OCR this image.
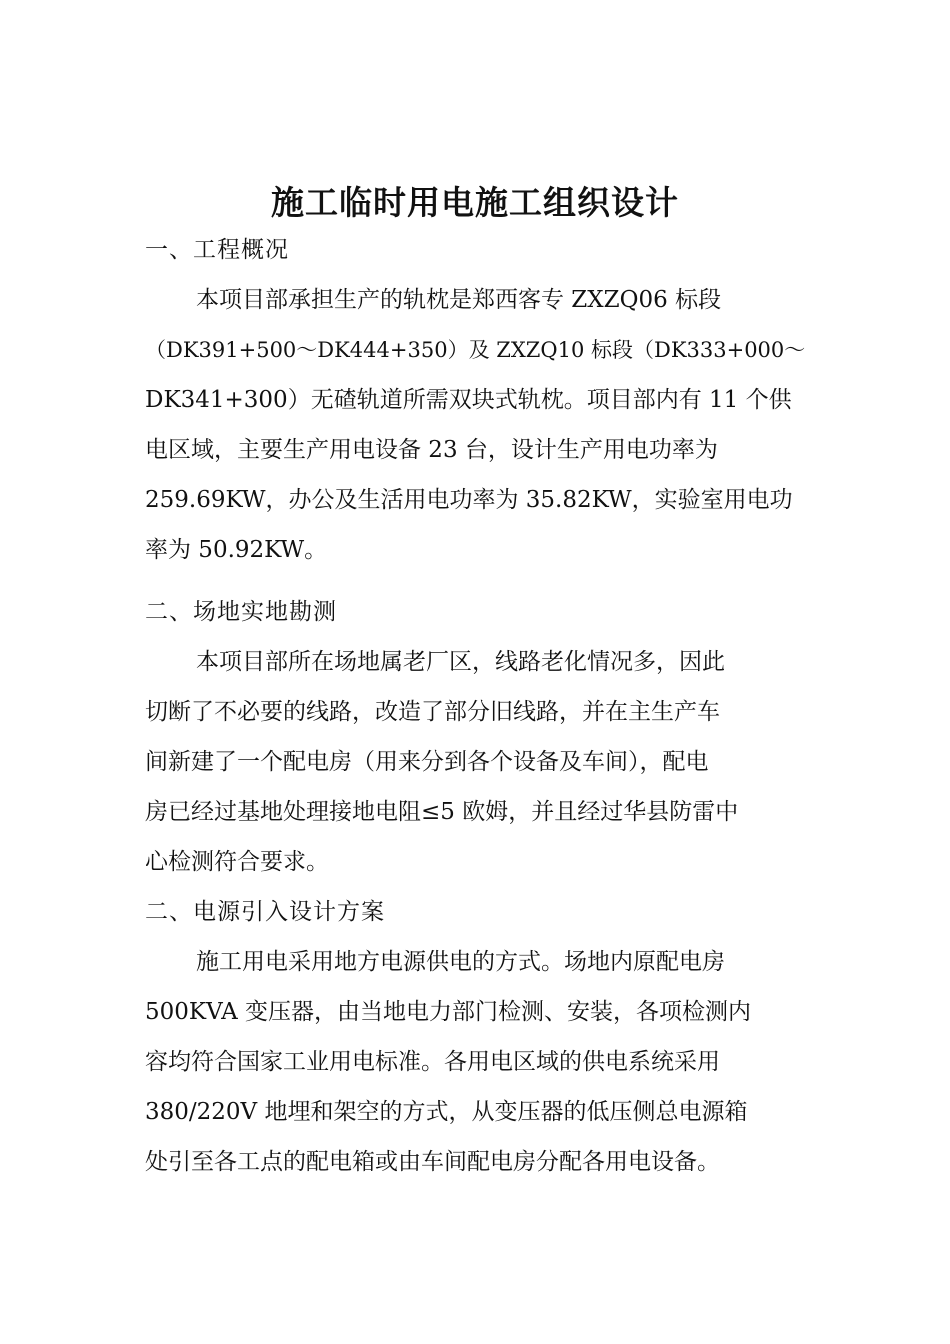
施工临时用电施工组织设计
一、工程概况
本项目部承担生产的轨枕是郑西客专 ZXZQ06 标段
（DK391+500～DK444+350）及 ZXZQ10 标段（DK333+000～
DK341+300）无碴轨道所需双块式轨枕。项目部内有 11 个供
电区域，主要生产用电设备 23 台，设计生产用电功率为
259.69KW，办公及生活用电功率为 35.82KW，实验室用电功
率为 50.92KW。
二、场地实地勘测
本项目部所在场地属老厂区，线路老化情况多，因此
切断了不必要的线路，改造了部分旧线路，并在主生产车
间新建了一个配电房（用来分到各个设备及车间），配电
房已经过基地处理接地电阻≤5 欧姆，并且经过华县防雷中
心检测符合要求。
二、电源引入设计方案
施工用电采用地方电源供电的方式。场地内原配电房
500KVA 变压器，由当地电力部门检测、安装，各项检测内
容均符合国家工业用电标准。各用电区域的供电系统采用
380/220V 地埋和架空的方式，从变压器的低压侧总电源箱
处引至各工点的配电箱或由车间配电房分配各用电设备。
